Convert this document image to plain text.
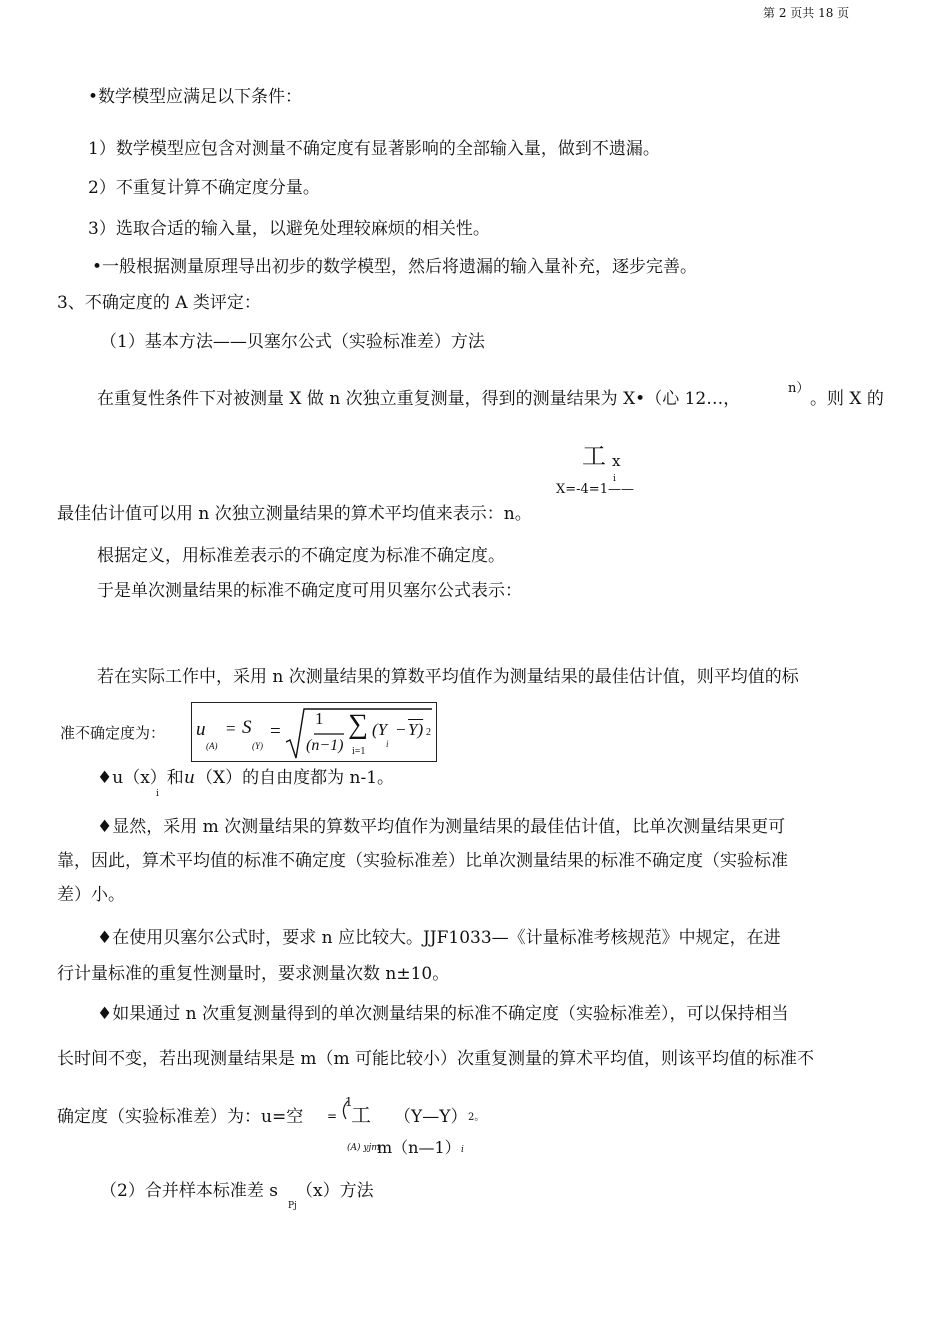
第 2 页共 18 页
•数学模型应满足以下条件：
1）数学模型应包含对测量不确定度有显著影响的全部输入量，做到不遗漏。
2）不重复计算不确定度分量。
3）选取合适的输入量，以避免处理较麻烦的相关性。
•一般根据测量原理导出初步的数学模型，然后将遗漏的输入量补充，逐步完善。
3、不确定度的 A 类评定：
（1）基本方法——贝塞尔公式（实验标准差）方法
在重复性条件下对被测量 X 做 n 次独立重复测量，得到的测量结果为 X•（心 12…，
n）
。则 X 的
工 x
i
X=-4=1——
最佳估计值可以用 n 次独立测量结果的算术平均值来表示：n。
根据定义，用标准差表示的不确定度为标准不确定度。
于是单次测量结果的标准不确定度可用贝塞尔公式表示：
若在实际工作中，采用 n 次测量结果的算数平均值作为测量结果的最佳估计值，则平均值的标
准不确定度为： u
(A)
= S
(Y)
=
1
(n−1)
∑
i=1
(Y
i
− Y) 2
♦u（x）和
i
u （X）的自由度都为 n-1。
♦显然，采用 m 次测量结果的算数平均值作为测量结果的最佳估计值，比单次测量结果更可
靠，因此，算术平均值的标准不确定度（实验标准差）比单次测量结果的标准不确定度（实验标准
差）小。
♦在使用贝塞尔公式时，要求 n 应比较大。JJF1033—《计量标准考核规范》中规定，在进
行计量标准的重复性测量时，要求测量次数 n±10。
♦如果通过 n 次重复测量得到的单次测量结果的标准不确定度（实验标准差），可以保持相当
长时间不变，若出现测量结果是 m（m 可能比较小）次重复测量的算术平均值，则该平均值的标准不
确定度（实验标准差）为：u=空 =
1
工 （Y—Y） 2。
(A) yjm
m（n—1） i
（2）合并样本标准差 s
Pj
（x）方法
